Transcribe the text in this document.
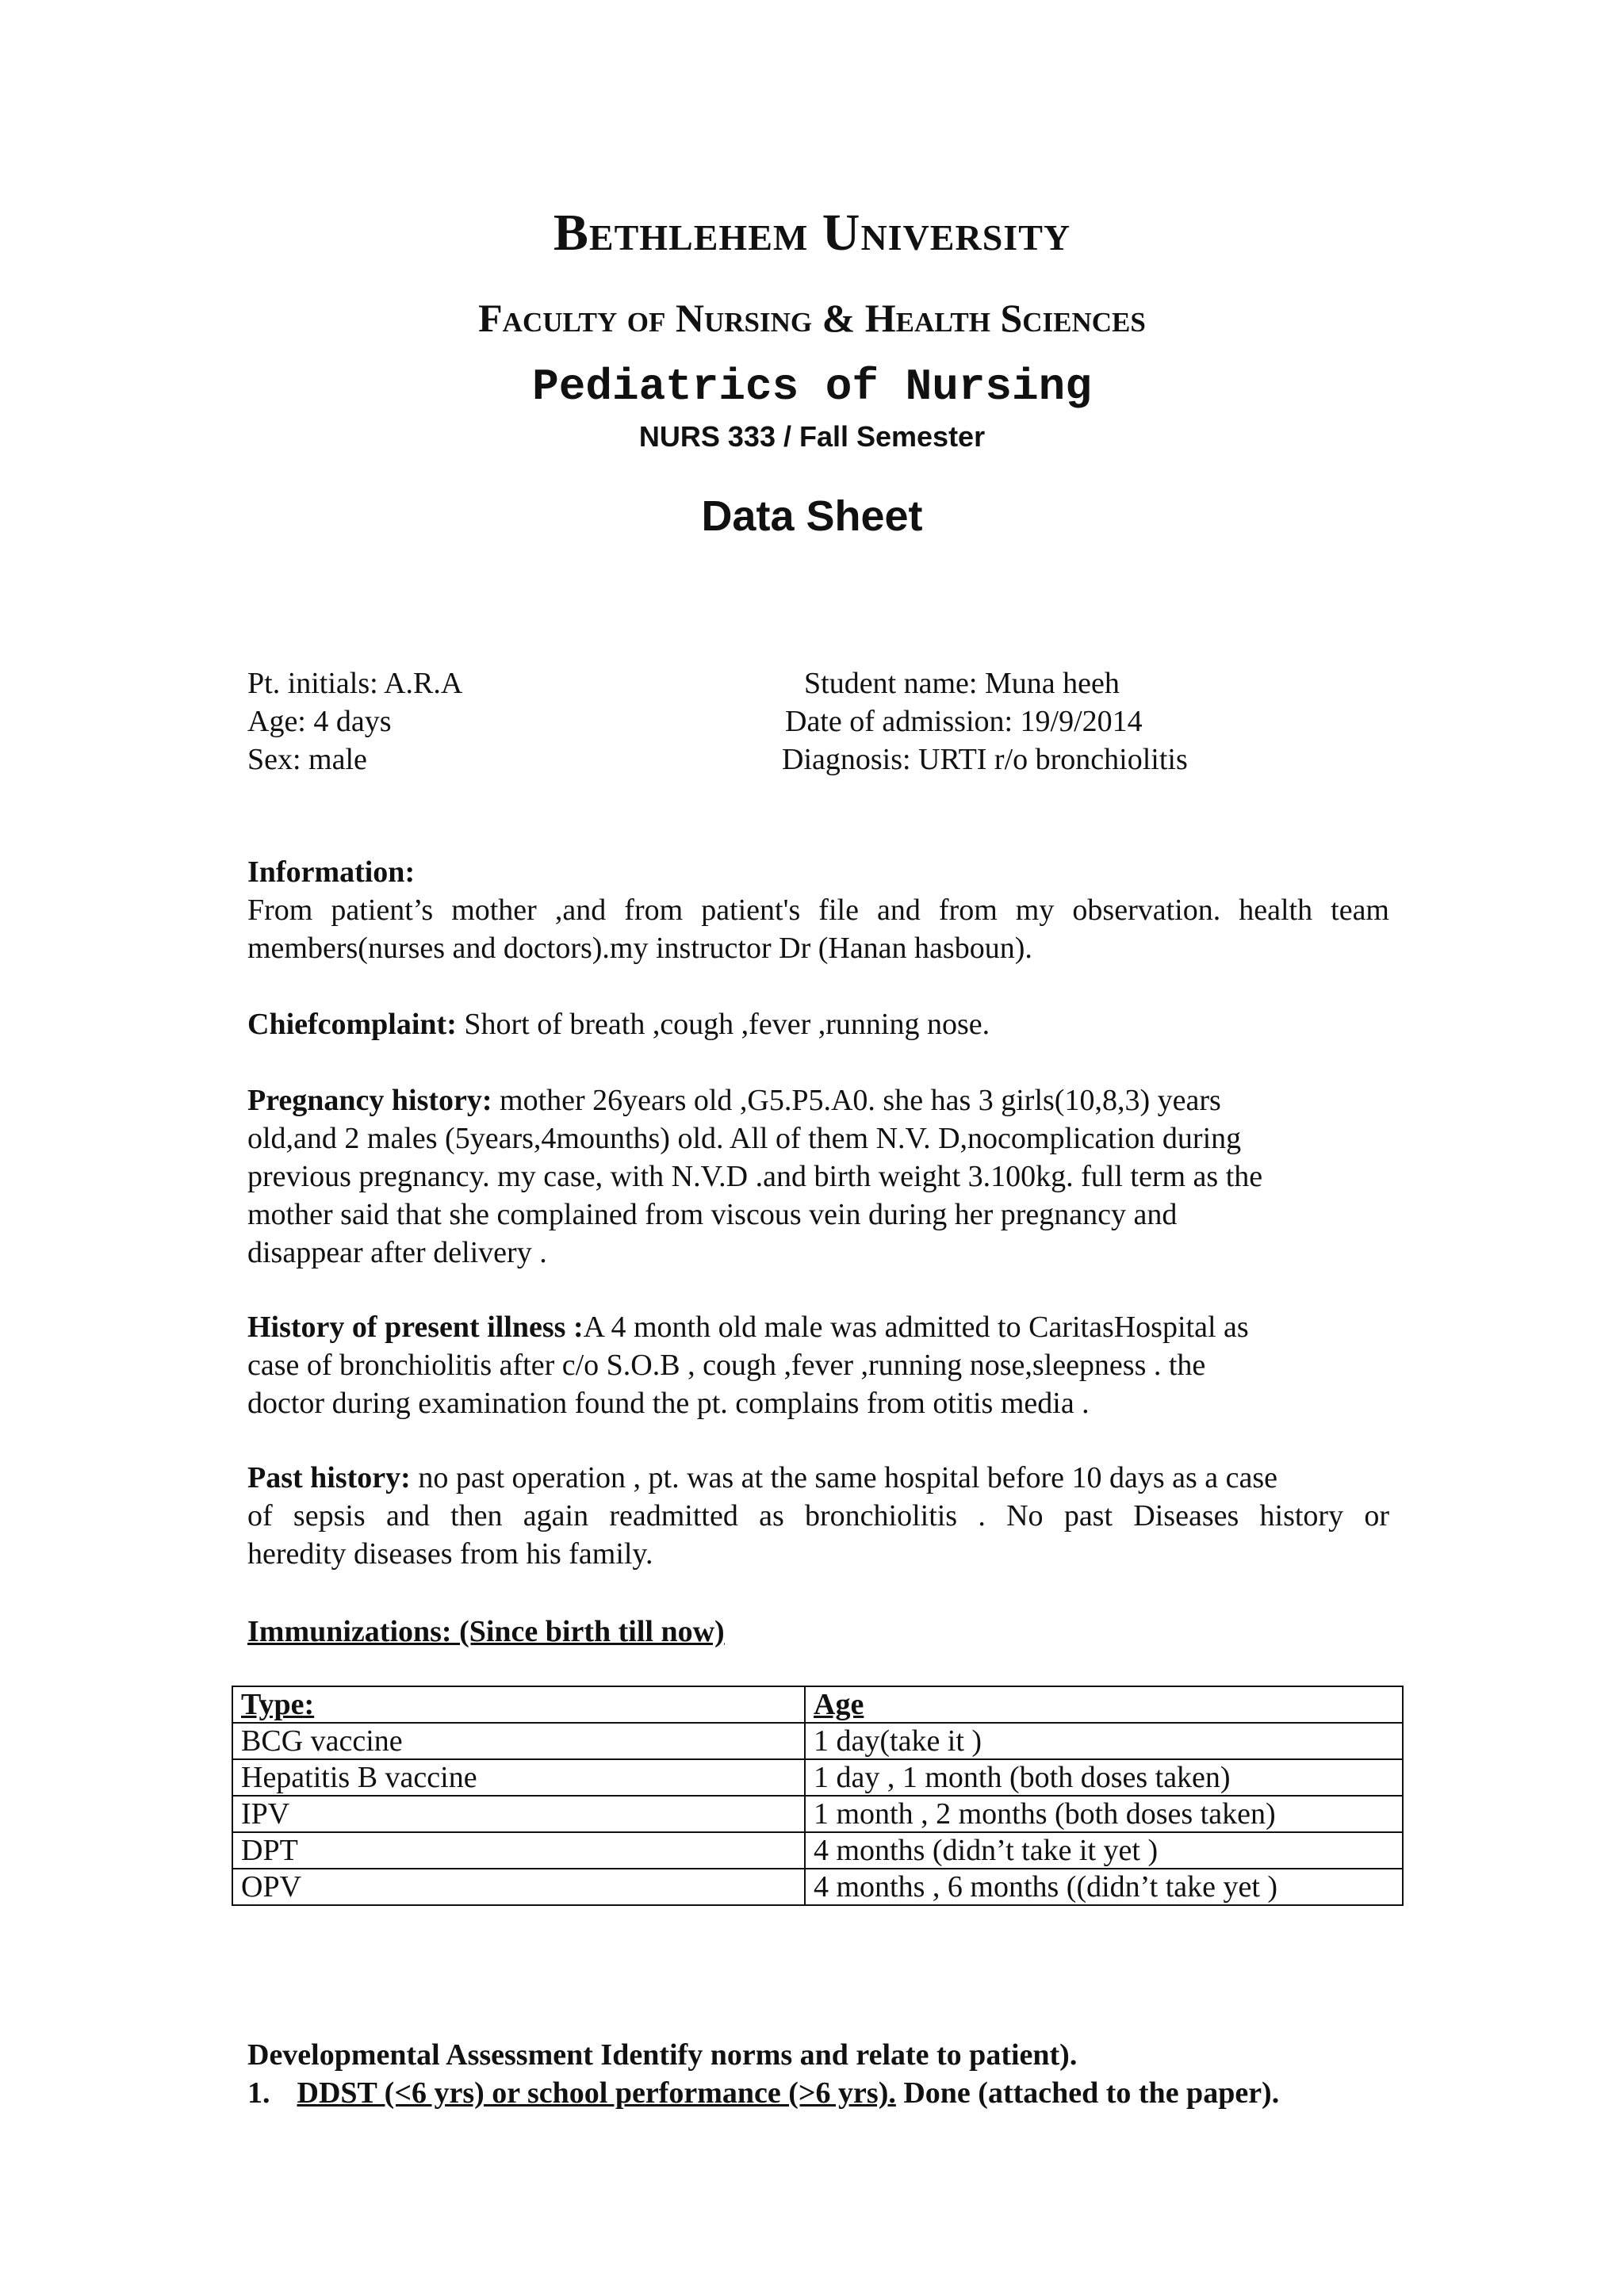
Bethlehem University
Faculty of Nursing & Health Sciences
Pediatrics of Nursing
NURS 333 / Fall Semester
Data Sheet
Pt. initials: A.R.A
Age: 4 days
Sex: male
Student name: Muna heeh
Date of admission: 19/9/2014
Diagnosis: URTI r/o bronchiolitis
Information:
From patient’s mother ,and from patient's file and from my observation. health team
members(nurses and doctors).my instructor Dr (Hanan hasboun).
Chiefcomplaint: Short of breath ,cough ,fever ,running nose.
Pregnancy history: mother 26years old ,G5.P5.A0. she has 3 girls(10,8,3) years
old,and 2 males (5years,4mounths) old. All of them N.V. D,nocomplication during
previous pregnancy. my case, with N.V.D .and birth weight 3.100kg. full term as the
mother said that she complained from viscous vein during her pregnancy and
disappear after delivery .
History of present illness :A 4 month old male was admitted to CaritasHospital as
case of bronchiolitis after c/o S.O.B , cough ,fever ,running nose,sleepness . the
doctor during examination found the pt. complains from otitis media .
Past history: no past operation , pt. was at the same hospital before 10 days as a case
of sepsis and then again readmitted as bronchiolitis . No past Diseases history or
heredity diseases from his family.
Immunizations: (Since birth till now)
Type:	Age
BCG vaccine	1 day(take it )
Hepatitis B vaccine	1 day , 1 month (both doses taken)
IPV	1 month , 2 months (both doses taken)
DPT	4 months (didn’t take it yet )
OPV	4 months , 6 months ((didn’t take yet )
Developmental Assessment Identify norms and relate to patient).
1. DDST (<6 yrs) or school performance (>6 yrs). Done (attached to the paper).
